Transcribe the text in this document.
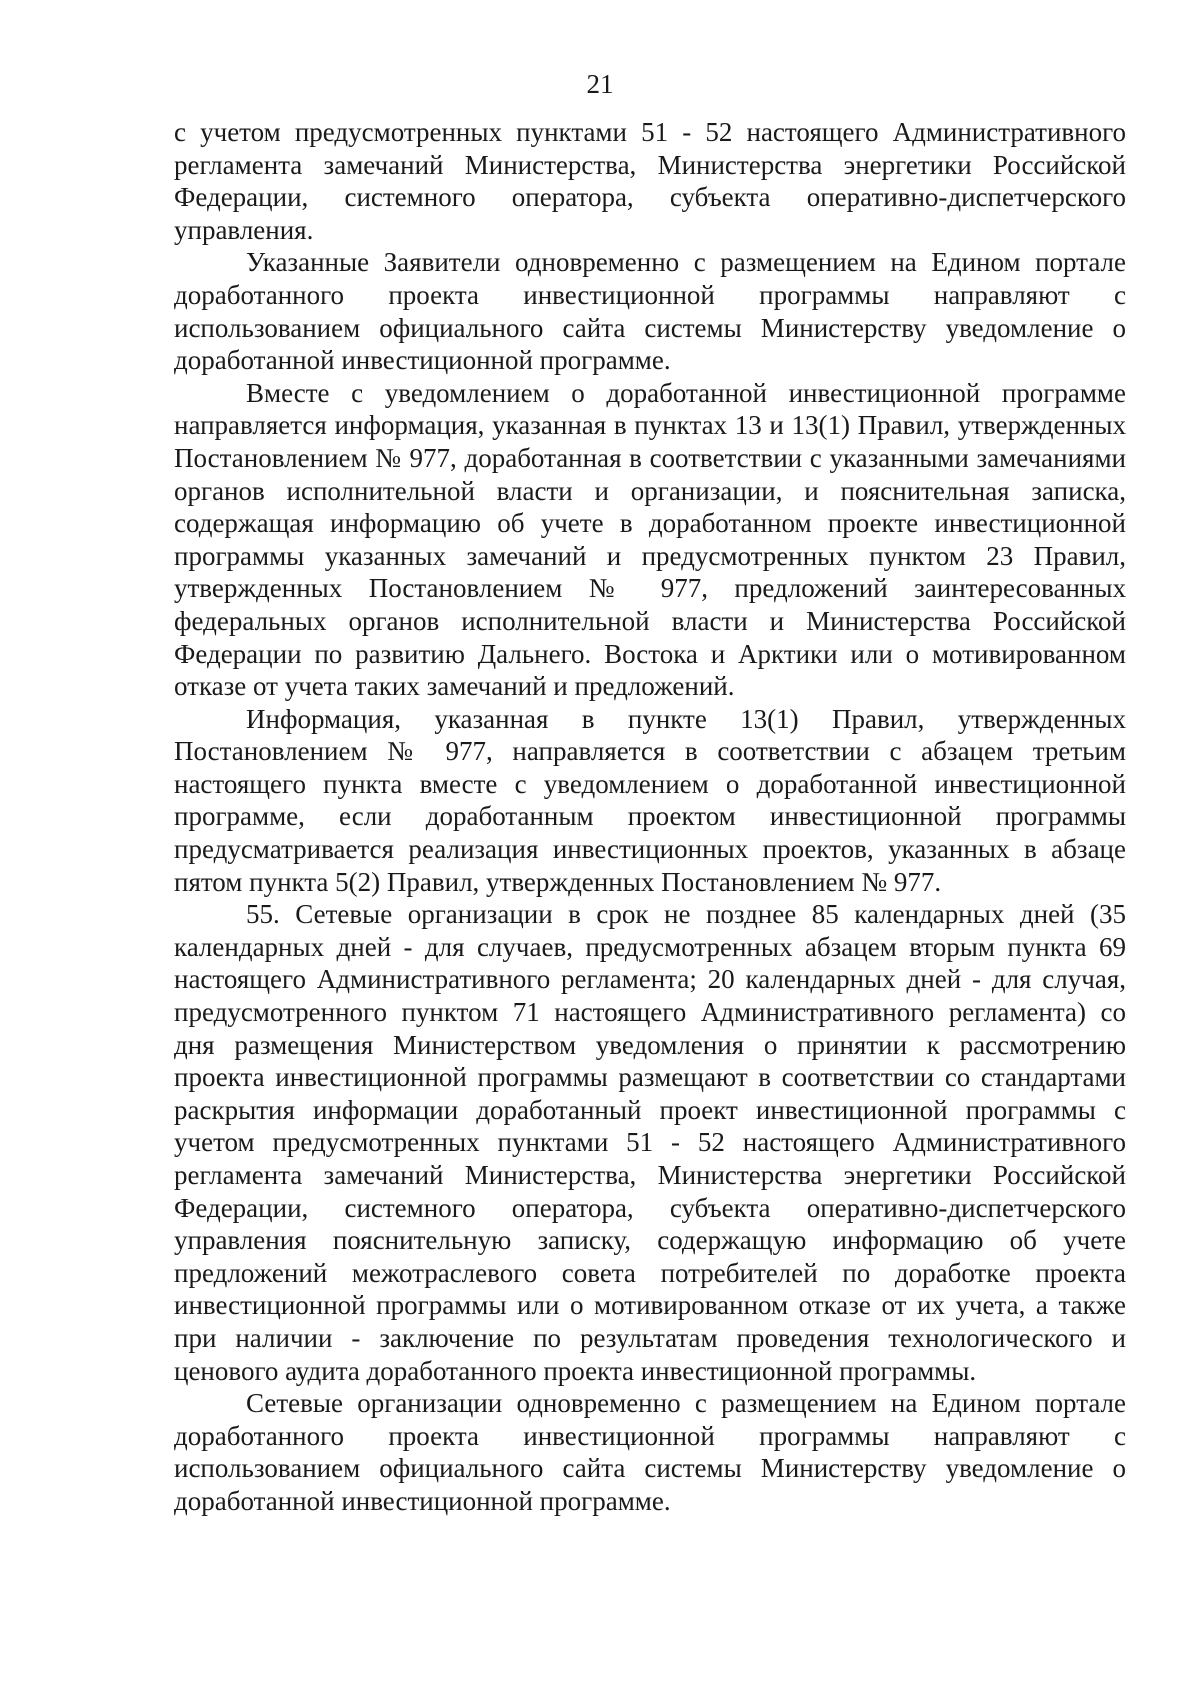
21

с учетом предусмотренных пунктами 51 - 52 настоящего Административного регламента замечаний Министерства, Министерства энергетики Российской Федерации, системного оператора, субъекта оперативно-диспетчерского управления.

Указанные Заявители одновременно с размещением на Едином портале доработанного проекта инвестиционной программы направляют с использованием официального сайта системы Министерству уведомление о доработанной инвестиционной программе.

Вместе с уведомлением о доработанной инвестиционной программе направляется информация, указанная в пунктах 13 и 13(1) Правил, утвержденных Постановлением № 977, доработанная в соответствии с указанными замечаниями органов исполнительной власти и организации, и пояснительная записка, содержащая информацию об учете в доработанном проекте инвестиционной программы указанных замечаний и предусмотренных пунктом 23 Правил, утвержденных Постановлением № 977, предложений заинтересованных федеральных органов исполнительной власти и Министерства Российской Федерации по развитию Дальнего. Востока и Арктики или о мотивированном отказе от учета таких замечаний и предложений.

Информация, указанная в пункте 13(1) Правил, утвержденных Постановлением № 977, направляется в соответствии с абзацем третьим настоящего пункта вместе с уведомлением о доработанной инвестиционной программе, если доработанным проектом инвестиционной программы предусматривается реализация инвестиционных проектов, указанных в абзаце пятом пункта 5(2) Правил, утвержденных Постановлением № 977.

55. Сетевые организации в срок не позднее 85 календарных дней (35 календарных дней - для случаев, предусмотренных абзацем вторым пункта 69 настоящего Административного регламента; 20 календарных дней - для случая, предусмотренного пунктом 71 настоящего Административного регламента) со дня размещения Министерством уведомления о принятии к рассмотрению проекта инвестиционной программы размещают в соответствии со стандартами раскрытия информации доработанный проект инвестиционной программы с учетом предусмотренных пунктами 51 - 52 настоящего Административного регламента замечаний Министерства, Министерства энергетики Российской Федерации, системного оператора, субъекта оперативно-диспетчерского управления пояснительную записку, содержащую информацию об учете предложений межотраслевого совета потребителей по доработке проекта инвестиционной программы или о мотивированном отказе от их учета, а также при наличии - заключение по результатам проведения технологического и ценового аудита доработанного проекта инвестиционной программы.

Сетевые организации одновременно с размещением на Едином портале доработанного проекта инвестиционной программы направляют с использованием официального сайта системы Министерству уведомление о доработанной инвестиционной программе.
